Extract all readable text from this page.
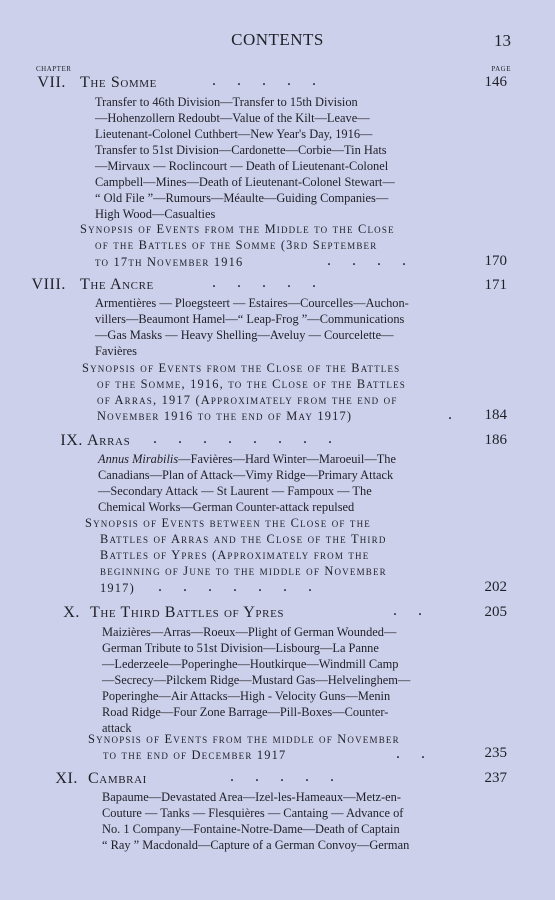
CONTENTS	13
CHAPTER	PAGE
VII. The Somme	.....	146
Transfer to 46th Division—Transfer to 15th Division
—Hohenzollern Redoubt—Value of the Kilt—Leave—
Lieutenant-Colonel Cuthbert—New Year's Day, 1916—
Transfer to 51st Division—Cardonette—Corbie—Tin Hats
—Mirvaux — Roclincourt — Death of Lieutenant-Colonel
Campbell—Mines—Death of Lieutenant-Colonel Stewart—
“ Old File ”—Rumours—Méaulte—Guiding Companies—
High Wood—Casualties
Synopsis of Events from the Middle to the Close
of the Battles of the Somme (3rd September
to 17th November 1916	....	170
VIII. The Ancre	.....	171
Armentières — Ploegsteert — Estaires—Courcelles—Auchon-
villers—Beaumont Hamel—“ Leap-Frog ”—Communications
—Gas Masks — Heavy Shelling—Aveluy — Courcelette—
Favières
Synopsis of Events from the Close of the Battles
of the Somme, 1916, to the Close of the Battles
of Arras, 1917 (Approximately from the end of
November 1916 to the end of May 1917)	. 184
IX. Arras ........	186
Annus Mirabilis—Favières—Hard Winter—Maroeuil—The
Canadians—Plan of Attack—Vimy Ridge—Primary Attack
—Secondary Attack — St Laurent — Fampoux — The
Chemical Works—German Counter-attack repulsed
Synopsis of Events between the Close of the
Battles of Arras and the Close of the Third
Battles of Ypres (Approximately from the
beginning of June to the middle of November
1917) .......	202
X. The Third Battles of Ypres	..	205
Maizières—Arras—Roeux—Plight of German Wounded—
German Tribute to 51st Division—Lisbourg—La Panne
—Lederzeele—Poperinghe—Houtkirque—Windmill Camp
—Secrecy—Pilckem Ridge—Mustard Gas—Helvelinghem—
Poperinghe—Air Attacks—High - Velocity Guns—Menin
Road Ridge—Four Zone Barrage—Pill-Boxes—Counter-
attack
Synopsis of Events from the middle of November
to the end of December 1917	..	235
XI. Cambrai	.....	237
Bapaume—Devastated Area—Izel-les-Hameaux—Metz-en-
Couture — Tanks — Flesquières — Cantaing — Advance of
No. 1 Company—Fontaine-Notre-Dame—Death of Captain
“ Ray ” Macdonald—Capture of a German Convoy—German
